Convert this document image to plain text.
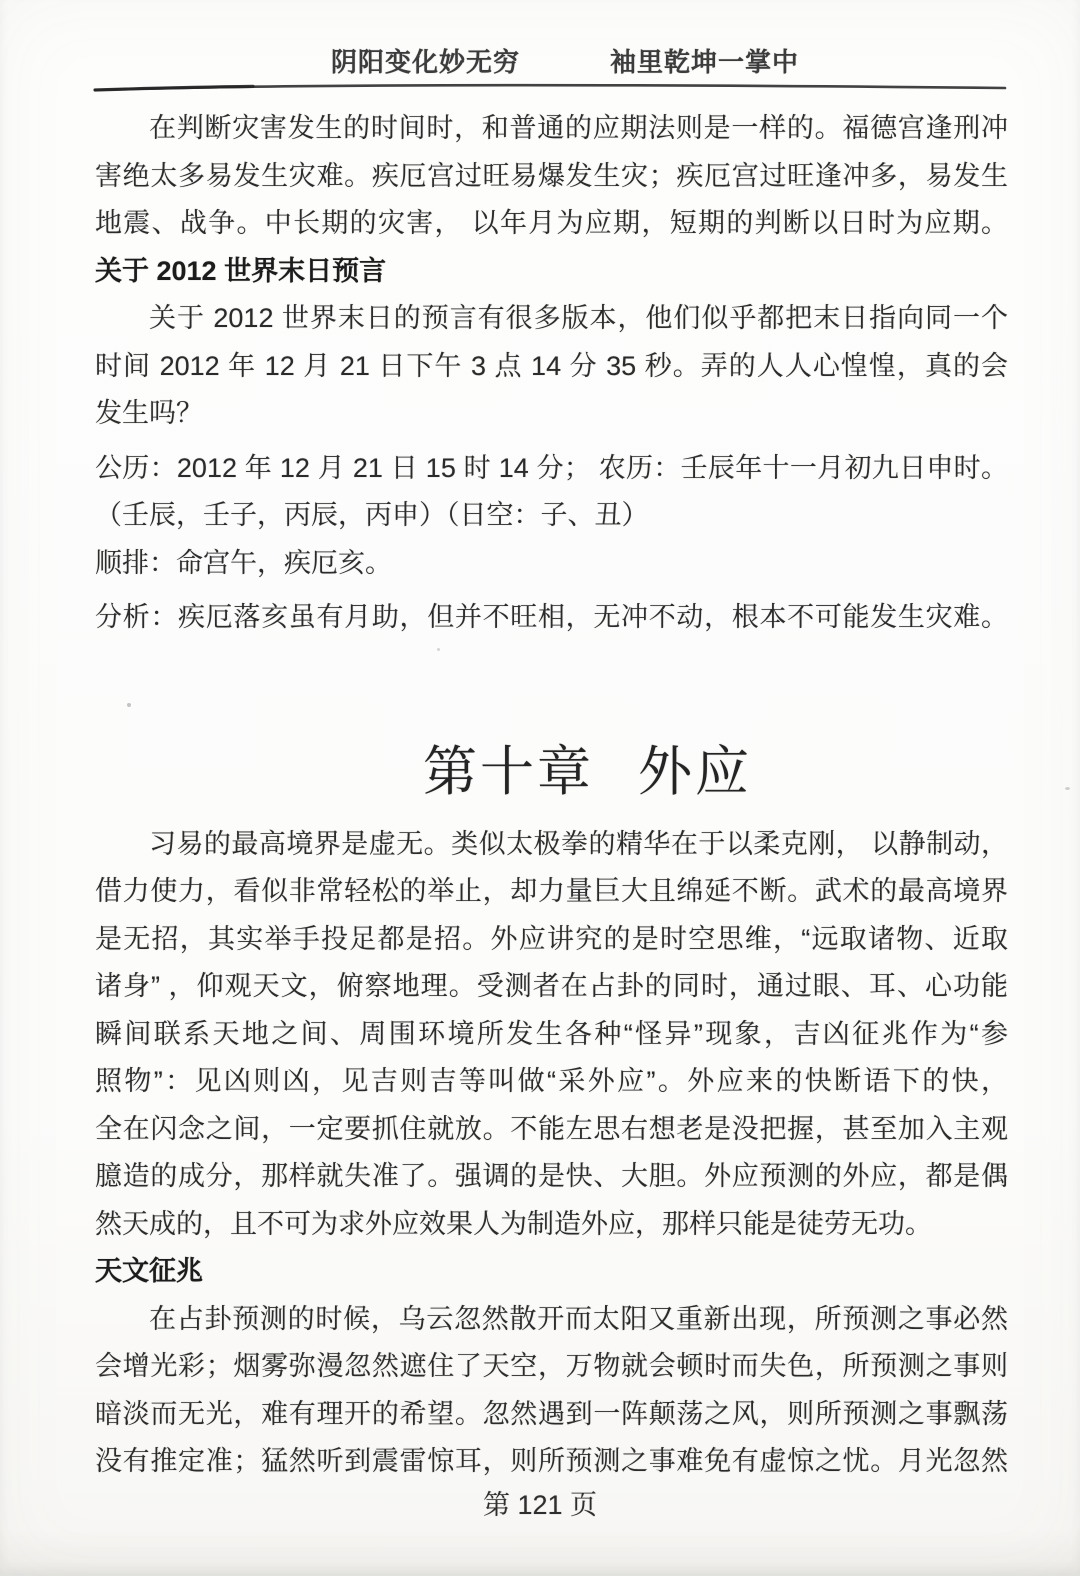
阴阳变化妙无穷	袖里乾坤一掌中
在判断灾害发生的时间时，和普通的应期法则是一样的。福德宫逢刑冲
害绝太多易发生灾难。疾厄宫过旺易爆发生灾；疾厄宫过旺逢冲多，易发生
地震、战争。中长期的灾害， 以年月为应期，短期的判断以日时为应期。
关于 2012 世界末日预言
关于 2012 世界末日的预言有很多版本，他们似乎都把末日指向同一个
时间 2012 年 12 月 21 日下午 3 点 14 分 35 秒。弄的人人心惶惶，真的会
发生吗？
公历：2012 年 12 月 21 日 15 时 14 分； 农历：壬辰年十一月初九日申时。
（壬辰，壬子，丙辰，丙申）（日空：子、丑）
顺排：命宫午，疾厄亥。
分析：疾厄落亥虽有月助，但并不旺相，无冲不动，根本不可能发生灾难。
第十章 外应
习易的最高境界是虚无。类似太极拳的精华在于以柔克刚， 以静制动，
借力使力，看似非常轻松的举止，却力量巨大且绵延不断。武术的最高境界
是无招，其实举手投足都是招。外应讲究的是时空思维，“远取诸物、近取
诸身” ，仰观天文，俯察地理。受测者在占卦的同时，通过眼、耳、心功能
瞬间联系天地之间、周围环境所发生各种“怪异”现象，吉凶征兆作为“参
照物”：见凶则凶，见吉则吉等叫做“采外应”。外应来的快断语下的快，
全在闪念之间，一定要抓住就放。不能左思右想老是没把握，甚至加入主观
臆造的成分，那样就失准了。强调的是快、大胆。外应预测的外应，都是偶
然天成的，且不可为求外应效果人为制造外应，那样只能是徒劳无功。
天文征兆
在占卦预测的时候，乌云忽然散开而太阳又重新出现，所预测之事必然
会增光彩；烟雾弥漫忽然遮住了天空，万物就会顿时而失色，所预测之事则
暗淡而无光，难有理开的希望。忽然遇到一阵颠荡之风，则所预测之事飘荡
没有推定准；猛然听到震雷惊耳，则所预测之事难免有虚惊之忧。月光忽然
第 121 页
